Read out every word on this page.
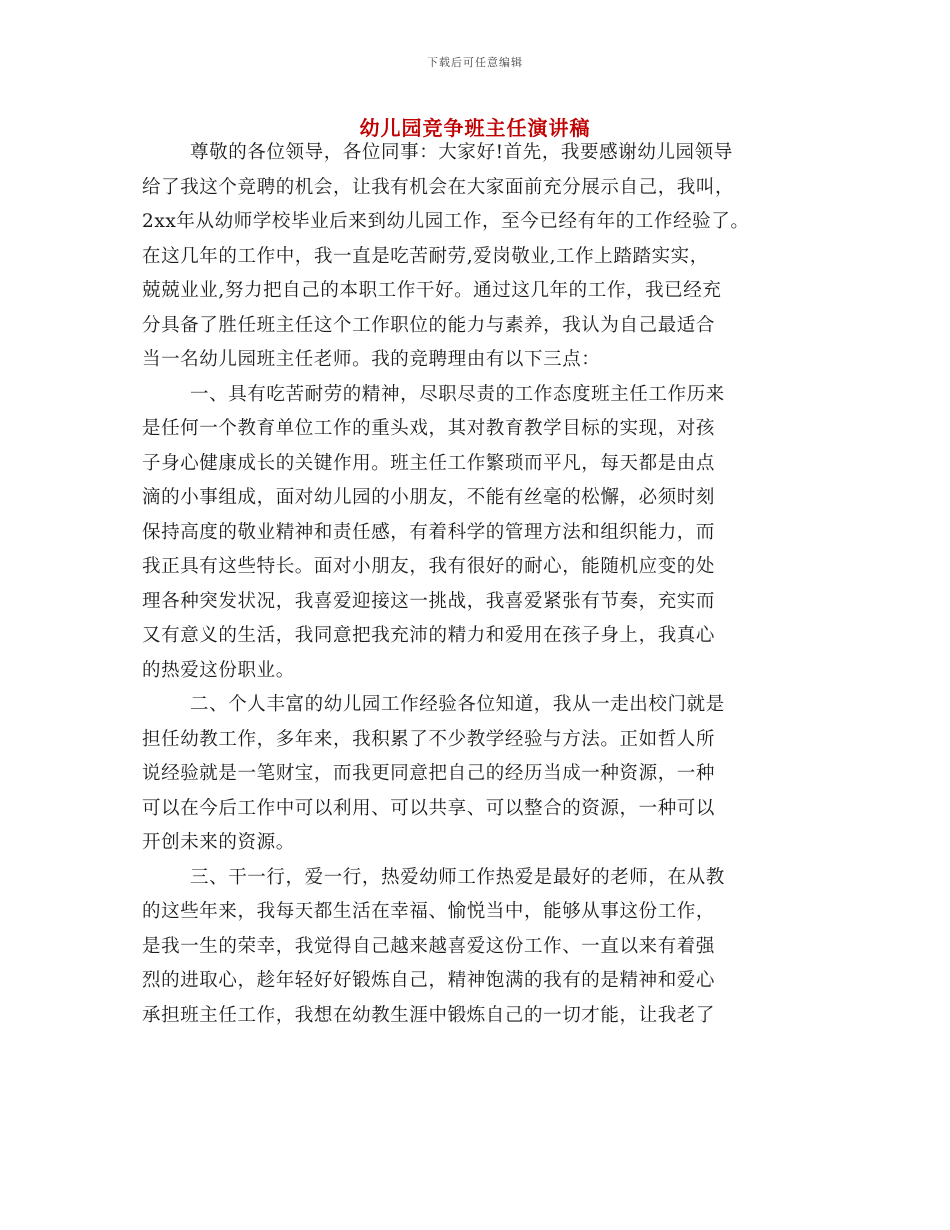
下载后可任意编辑
幼儿园竞争班主任演讲稿
尊敬的各位领导，各位同事：大家好!首先，我要感谢幼儿园领导
给了我这个竞聘的机会，让我有机会在大家面前充分展示自己，我叫，
2xx年从幼师学校毕业后来到幼儿园工作，至今已经有年的工作经验了。
在这几年的工作中，我一直是吃苦耐劳,爱岗敬业,工作上踏踏实实，
兢兢业业,努力把自己的本职工作干好。通过这几年的工作，我已经充
分具备了胜任班主任这个工作职位的能力与素养，我认为自己最适合
当一名幼儿园班主任老师。我的竞聘理由有以下三点：
一、具有吃苦耐劳的精神，尽职尽责的工作态度班主任工作历来
是任何一个教育单位工作的重头戏，其对教育教学目标的实现，对孩
子身心健康成长的关键作用。班主任工作繁琐而平凡，每天都是由点
滴的小事组成，面对幼儿园的小朋友，不能有丝毫的松懈，必须时刻
保持高度的敬业精神和责任感，有着科学的管理方法和组织能力，而
我正具有这些特长。面对小朋友，我有很好的耐心，能随机应变的处
理各种突发状况，我喜爱迎接这一挑战，我喜爱紧张有节奏，充实而
又有意义的生活，我同意把我充沛的精力和爱用在孩子身上，我真心
的热爱这份职业。
二、个人丰富的幼儿园工作经验各位知道，我从一走出校门就是
担任幼教工作，多年来，我积累了不少教学经验与方法。正如哲人所
说经验就是一笔财宝，而我更同意把自己的经历当成一种资源，一种
可以在今后工作中可以利用、可以共享、可以整合的资源，一种可以
开创未来的资源。
三、干一行，爱一行，热爱幼师工作热爱是最好的老师，在从教
的这些年来，我每天都生活在幸福、愉悦当中，能够从事这份工作，
是我一生的荣幸，我觉得自己越来越喜爱这份工作、一直以来有着强
烈的进取心，趁年轻好好锻炼自己，精神饱满的我有的是精神和爱心
承担班主任工作，我想在幼教生涯中锻炼自己的一切才能，让我老了
